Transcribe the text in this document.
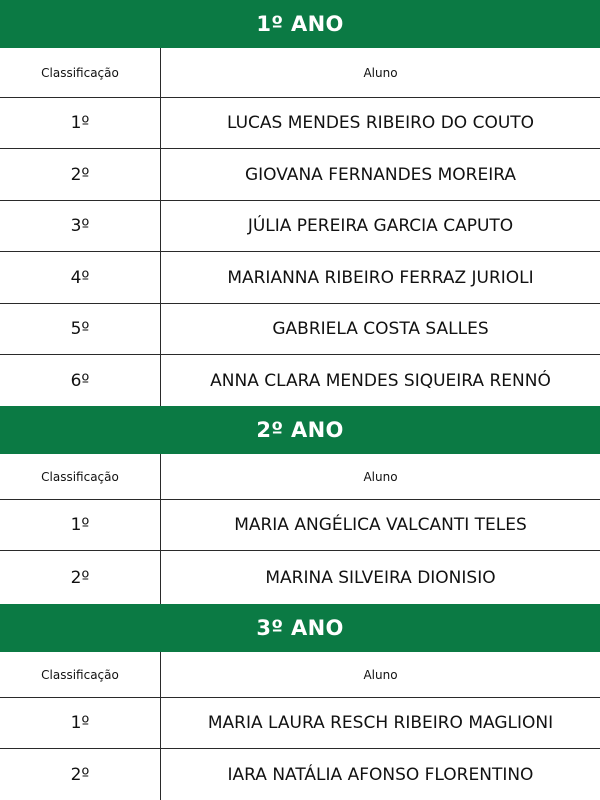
1º ANO
Classificação	Aluno
1º	LUCAS MENDES RIBEIRO DO COUTO
2º	GIOVANA FERNANDES MOREIRA
3º	JÚLIA PEREIRA GARCIA CAPUTO
4º	MARIANNA RIBEIRO FERRAZ JURIOLI
5º	GABRIELA COSTA SALLES
6º	ANNA CLARA MENDES SIQUEIRA RENNÓ
2º ANO
Classificação	Aluno
1º	MARIA ANGÉLICA VALCANTI TELES
2º	MARINA SILVEIRA DIONISIO
3º ANO
Classificação	Aluno
1º	MARIA LAURA RESCH RIBEIRO MAGLIONI
2º	IARA NATÁLIA AFONSO FLORENTINO
